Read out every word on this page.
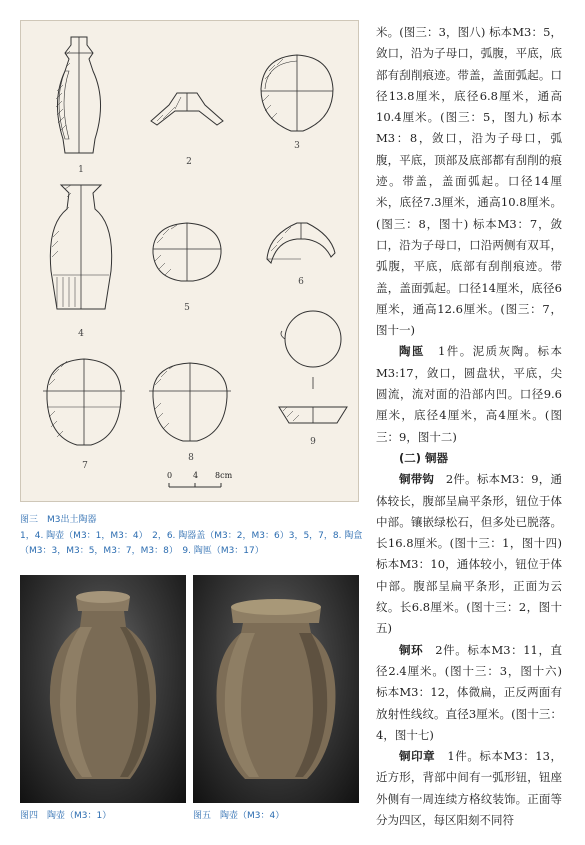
1
2
3
4
5
6
7
8
9
0	4 8cm
图三　M3出土陶器
1，4. 陶壶（M3：1，M3：4）　2，6. 陶器盖（M3：2，M3：6）3，5，7，8. 陶盒（M3：3，M3：5，M3：7，M3：8）　9. 陶匜（M3：17）
图四　陶壶（M3：1）	图五　陶壶（M3：4）

米。(图三：3，图八) 标本M3：5，敛口，沿为子母口，弧腹，平底，底部有刮削痕迹。带盖，盖面弧起。口径13.8厘米，底径6.8厘米，通高10.4厘米。(图三：5，图九) 标本M3：8，敛口，沿为子母口，弧腹，平底，顶部及底部都有刮削的痕迹。带盖，盖面弧起。口径14厘米，底径7.3厘米，通高10.8厘米。(图三：8，图十) 标本M3：7，敛口，沿为子母口，口沿两侧有双耳，弧腹，平底，底部有刮削痕迹。带盖，盖面弧起。口径14厘米，底径6厘米，通高12.6厘米。(图三：7，图十一)

陶匜　 1件。泥质灰陶。标本M3:17，敛口，圆盘状，平底，尖圆流，流对面的沿部内凹。口径9.6厘米，底径4厘米，高4厘米。(图三：9，图十二)

(二) 铜器

铜带钩　 2件。标本M3：9，通体较长，腹部呈扁平条形，钮位于体中部。镶嵌绿松石，但多处已脱落。长16.8厘米。(图十三：1，图十四) 标本M3：10，通体较小，钮位于体中部。腹部呈扁平条形，正面为云纹。长6.8厘米。(图十三：2，图十五)

铜环　 2件。标本M3：11，直径2.4厘米。(图十三：3，图十六) 标本M3：12，体微扁，正反两面有放射性线纹。直径3厘米。(图十三：4，图十七)

铜印章　 1件。标本M3：13，近方形，背部中间有一弧形钮，钮座外侧有一周连续方格纹装饰。正面等分为四区，每区阳刻不同符
